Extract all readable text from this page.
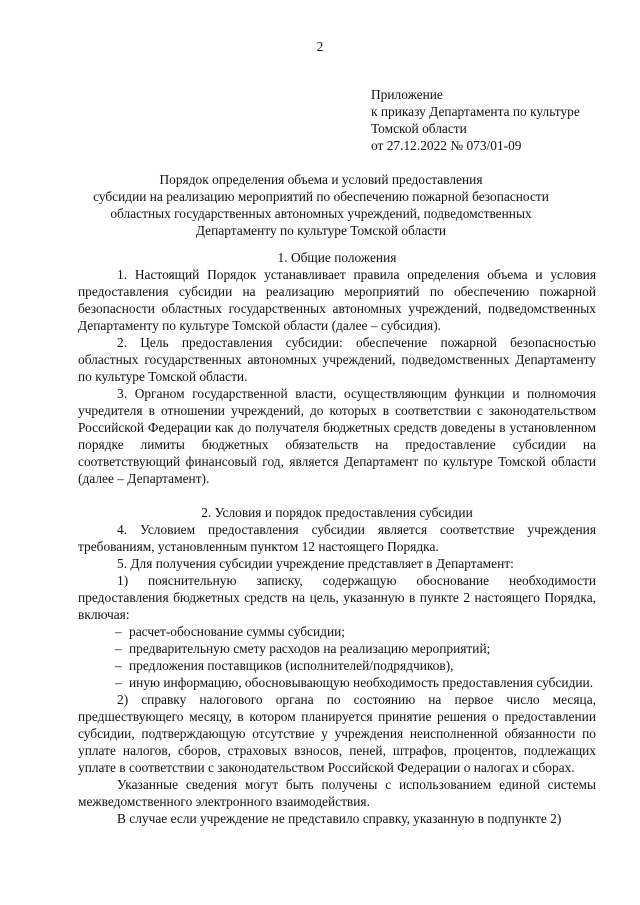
2
Приложение
к приказу Департамента по культуре
Томской области
от 27.12.2022 № 073/01-09
Порядок определения объема и условий предоставления
субсидии на реализацию мероприятий по обеспечению пожарной безопасности
областных государственных автономных учреждений, подведомственных
Департаменту по культуре Томской области
1. Общие положения
1. Настоящий Порядок устанавливает правила определения объема и условия предоставления субсидии на реализацию мероприятий по обеспечению пожарной безопасности областных государственных автономных учреждений, подведомственных Департаменту по культуре Томской области (далее – субсидия).
2. Цель предоставления субсидии: обеспечение пожарной безопасностью областных государственных автономных учреждений, подведомственных Департаменту по культуре Томской области.
3. Органом государственной власти, осуществляющим функции и полномочия учредителя в отношении учреждений, до которых в соответствии с законодательством Российской Федерации как до получателя бюджетных средств доведены в установленном порядке лимиты бюджетных обязательств на предоставление субсидии на соответствующий финансовый год, является Департамент по культуре Томской области (далее – Департамент).
2. Условия и порядок предоставления субсидии
4. Условием предоставления субсидии является соответствие учреждения требованиям, установленным пунктом 12 настоящего Порядка.
5. Для получения субсидии учреждение представляет в Департамент:
1) пояснительную записку, содержащую обоснование необходимости предоставления бюджетных средств на цель, указанную в пункте 2 настоящего Порядка, включая:
– расчет-обоснование суммы субсидии;
– предварительную смету расходов на реализацию мероприятий;
– предложения поставщиков (исполнителей/подрядчиков),
– иную информацию, обосновывающую необходимость предоставления субсидии.
2) справку налогового органа по состоянию на первое число месяца, предшествующего месяцу, в котором планируется принятие решения о предоставлении субсидии, подтверждающую отсутствие у учреждения неисполненной обязанности по уплате налогов, сборов, страховых взносов, пеней, штрафов, процентов, подлежащих уплате в соответствии с законодательством Российской Федерации о налогах и сборах.
Указанные сведения могут быть получены с использованием единой системы межведомственного электронного взаимодействия.
В случае если учреждение не представило справку, указанную в подпункте 2)
